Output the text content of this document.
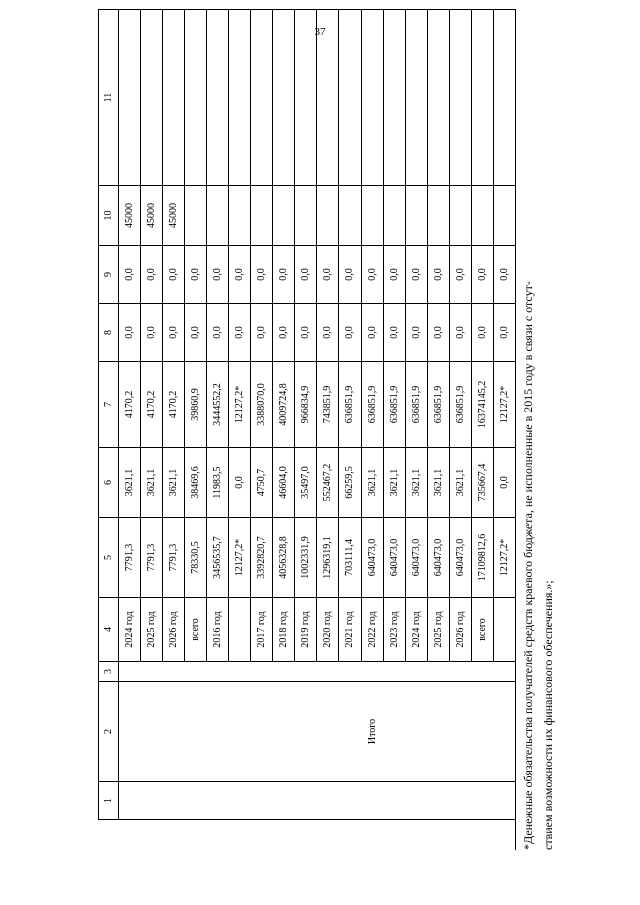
37
1	2	3	4	5	6	7	8	9	10	11

	Итого		2024 год	7791,3	3621,1	4170,2	0,0	0,0	45000	
			2025 год	7791,3	3621,1	4170,2	0,0	0,0	45000	
			2026 год	7791,3	3621,1	4170,2	0,0	0,0	45000	
			всего	78330,5	38469,6	39860,9	0,0	0,0		
			2016 год	3456535,7	11983,5	3444552,2	0,0	0,0		
				12127,2*	0,0	12127,2*	0,0	0,0		
			2017 год	3392820,7	4750,7	3388070,0	0,0	0,0		
			2018 год	4056328,8	46604,0	4009724,8	0,0	0,0		
			2019 год	1002331,9	35497,0	966834,9	0,0	0,0		
			2020 год	1296319,1	552467,2	743851,9	0,0	0,0		
			2021 год	703111,4	66259,5	636851,9	0,0	0,0		
			2022 год	640473,0	3621,1	636851,9	0,0	0,0		
			2023 год	640473,0	3621,1	636851,9	0,0	0,0		
			2024 год	640473,0	3621,1	636851,9	0,0	0,0		
			2025 год	640473,0	3621,1	636851,9	0,0	0,0		
			2026 год	640473,0	3621,1	636851,9	0,0	0,0		
			всего	17109812,6	735667,4	16374145,2	0,0	0,0		
				12127,2*	0,0	12127,2*	0,0	0,0		
*Денежные обязательства получателей средств краевого бюджета, не исполненные в 2015 году в связи с отсут- ствием возможности их финансового обеспечения.»;
